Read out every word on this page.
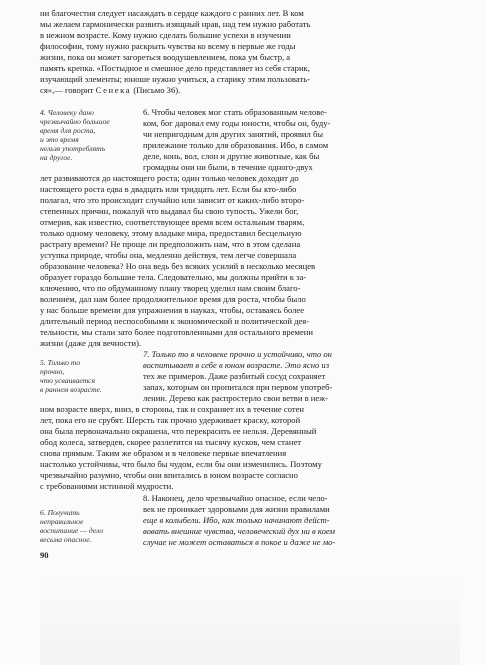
ни благочестия следует насаждать в сердце каждого с ранних лет. В ком
мы желаем гармонически развить изящный нрав, над тем нужно работать
в нежном возрасте. Кому нужно сделать большие успехи в изучении
философии, тому нужно раскрыть чувства ко всему в первые же годы
жизни, пока он может загореться воодушевлением, пока ум быстр, а
память крепка. «Постыдное и смешное дело представляет из себя старик,
изучающий элементы; юноше нужно учиться, а старику этим пользовать-
ся»,— говорит Сенека (Письмо 36).
4. Человеку дано
чрезвычайно большое
время для роста,
и это время
нельзя употреблять
на другое.
6. Чтобы человек мог стать образованным челове-
ком, бог даровал ему годы юности, чтобы он, буду-
чи непригодным для других занятий, проявил бы
прилежание только для образования. Ибо, в самом
деле, конь, вол, слон и другие животные, как бы
громадны они ни были, в течение одного-двух
лет развиваются до настоящего роста; один только человек доходит до
настоящего роста едва в двадцать или тридцать лет. Если бы кто-либо
полагал, что это происходит случайно или зависит от каких-либо второ-
степенных причин, пожалуй что выдавал бы свою тупость. Ужели бог,
отмерив, как известно, соответствующее время всем остальным тварям,
только одному человеку, этому владыке мира, предоставил бесцельную
растрату времени? Не проще ли предположить нам, что в этом сделана
уступка природе, чтобы она, медленно действуя, тем легче совершала
образование человека? Но она ведь без всяких усилий в несколько месяцев
образует гораздо большие тела. Следовательно, мы должны прийти к за-
ключению, что по обдуманному плану творец уделил нам своим благо-
волением, дал нам более продолжительное время для роста, чтобы было
у нас больше времени для упражнения в науках, чтобы, оставаясь более
длительный период неспособными к экономической и политической дея-
тельности, мы стали зато более подготовленными для остального времени
жизни (даже для вечности).
5. Только то
прочно,
что усваивается
в раннем возрасте.
7. Только то в человеке прочно и устойчиво, что он
воспитывает в себе в юном возрасте. Это ясно из
тех же примеров. Даже разбитый сосуд сохраняет
запах, которым он пропитался при первом употреб-
лении. Дерево как распростерло свои ветви в неж-
ном возрасте вверх, вниз, в стороны, так и сохраняет их в течение сотен
лет, пока его не срубят. Шерсть так прочно удерживает краску, которой
она была первоначально окрашена, что перекрасить ее нельзя. Деревянный
обод колеса, затвердев, скорее разлетится на тысячу кусков, чем станет
снова прямым. Таким же образом и в человеке первые впечатления
настолько устойчивы, что было бы чудом, если бы они изменились. Поэтому
чрезвычайно разумно, чтобы они впитались в юном возрасте согласно
с требованиями истинной мудрости.
6. Получить
неправильное
воспитание — дело
весьма опасное.
8. Наконец, дело чрезвычайно опасное, если чело-
век не проникает здоровыми для жизни правилами
еще в колыбели. Ибо, как только начинают дейст-
вовать внешние чувства, человеческий дух ни в коем
случае не может оставаться в покое и даже не мо-
90
